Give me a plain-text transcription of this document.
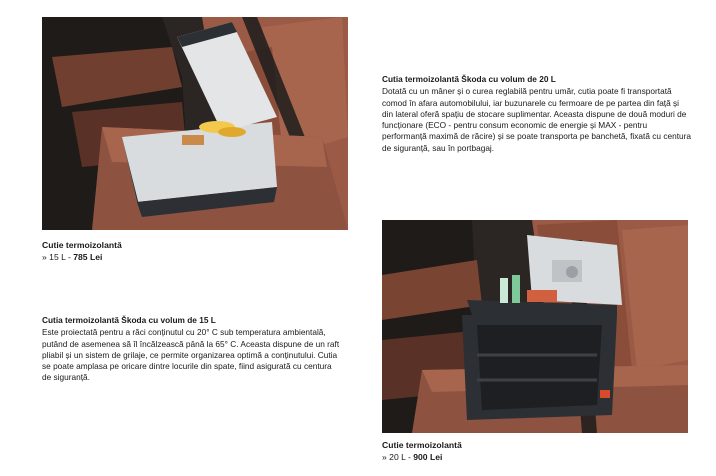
Cutie termoizolantă
» 15 L - 785 Lei
Cutie termoizolantă
» 20 L - 900 Lei
Cutia termoizolantă Škoda cu volum de 20 L
Dotată cu un mâner și o curea reglabilă pentru umăr, cutia poate fi transportată comod în afara automobilului, iar buzunarele cu fermoare de pe partea din față și din lateral oferă spațiu de stocare suplimentar. Aceasta dispune de două moduri de funcționare (ECO - pentru consum economic de energie și MAX - pentru performanță maximă de răcire) și se poate transporta pe banchetă, fixată cu centura de siguranță, sau în portbagaj.
Cutia termoizolantă Škoda cu volum de 15 L
Este proiectată pentru a răci conținutul cu 20° C sub temperatura ambientală, putând de asemenea să îl încălzească până la 65° C. Aceasta dispune de un raft pliabil și un sistem de grilaje, ce permite organizarea optimă a conținutului. Cutia se poate amplasa pe oricare dintre locurile din spate, fiind asigurată cu centura de siguranță.
